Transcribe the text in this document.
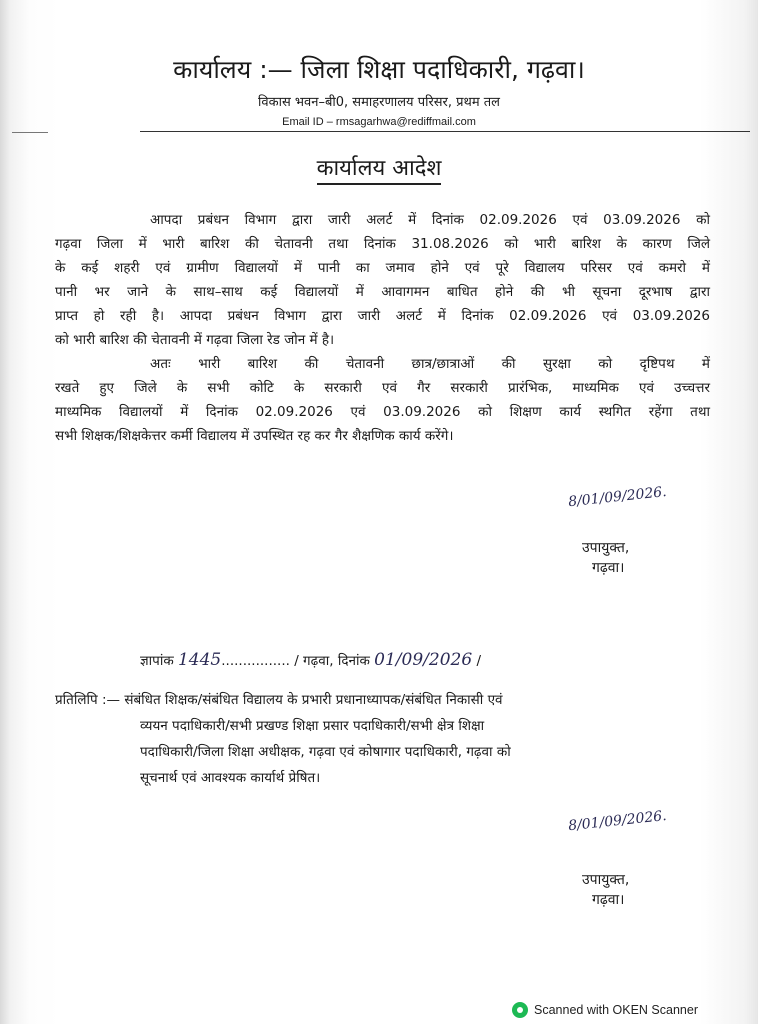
कार्यालय :— जिला शिक्षा पदाधिकारी, गढ़वा।
विकास भवन–बी0, समाहरणालय परिसर, प्रथम तल
Email ID – rmsagarhwa@rediffmail.com
कार्यालय आदेश
आपदा प्रबंधन विभाग द्वारा जारी अलर्ट में दिनांक 02.09.2026 एवं 03.09.2026 को
गढ़वा जिला में भारी बारिश की चेतावनी तथा दिनांक 31.08.2026 को भारी बारिश के कारण जिले
के कई शहरी एवं ग्रामीण विद्यालयों में पानी का जमाव होने एवं पूरे विद्यालय परिसर एवं कमरो में
पानी भर जाने के साथ–साथ कई विद्यालयों में आवागमन बाधित होने की भी सूचना दूरभाष द्वारा
प्राप्त हो रही है। आपदा प्रबंधन विभाग द्वारा जारी अलर्ट में दिनांक 02.09.2026 एवं 03.09.2026
को भारी बारिश की चेतावनी में गढ़वा जिला रेड जोन में है।
अतः भारी बारिश की चेतावनी छात्र/छात्राओं की सुरक्षा को दृष्टिपथ में
रखते हुए जिले के सभी कोटि के सरकारी एवं गैर सरकारी प्रारंभिक, माध्यमिक एवं उच्चत्तर
माध्यमिक विद्यालयों में दिनांक 02.09.2026 एवं 03.09.2026 को शिक्षण कार्य स्थगित रहेंगा तथा
सभी शिक्षक/शिक्षकेत्तर कर्मी विद्यालय में उपस्थित रह कर गैर शैक्षणिक कार्य करेंगे।
8/01/09/2026.
उपायुक्त,
गढ़वा।
ज्ञापांक 1445................ / गढ़वा, दिनांक 01/09/2026 /
प्रतिलिपि :— संबंधित शिक्षक/संबंधित विद्यालय के प्रभारी प्रधानाध्यापक/संबंधित निकासी एवं
व्ययन पदाधिकारी/सभी प्रखण्ड शिक्षा प्रसार पदाधिकारी/सभी क्षेत्र शिक्षा
पदाधिकारी/जिला शिक्षा अधीक्षक, गढ़वा एवं कोषागार पदाधिकारी, गढ़वा को
सूचनार्थ एवं आवश्यक कार्यार्थ प्रेषित।
8/01/09/2026.
उपायुक्त,
गढ़वा।
Scanned with OKEN Scanner
